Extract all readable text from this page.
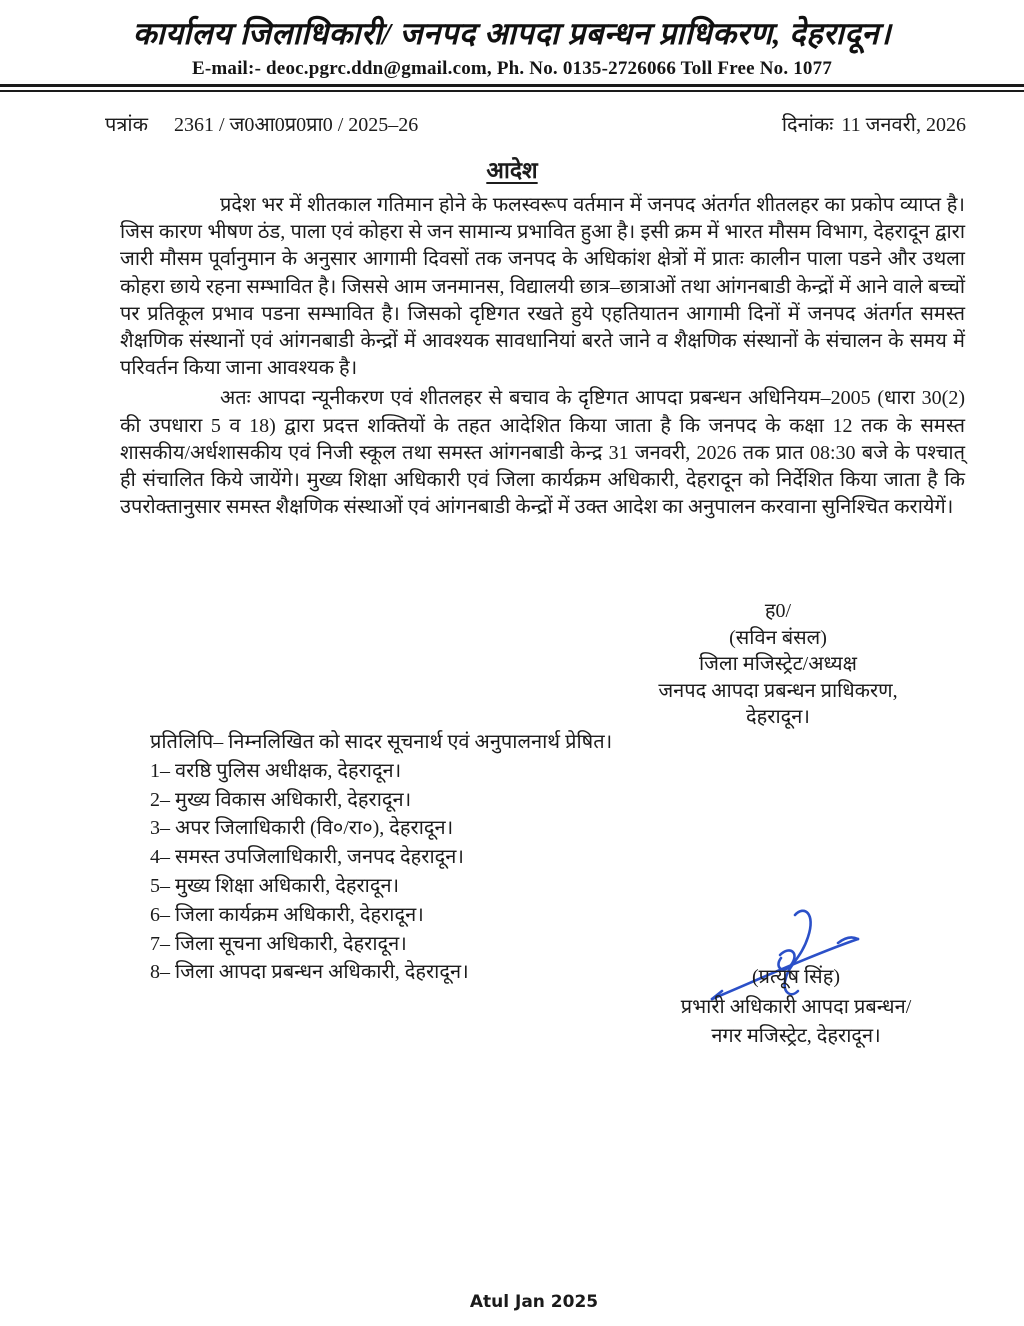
कार्यालय जिलाधिकारी/ जनपद आपदा प्रबन्धन प्राधिकरण, देहरादून।
E-mail:- deoc.pgrc.ddn@gmail.com, Ph. No. 0135-2726066 Toll Free No. 1077
पत्रांक 2361 / ज0आ0प्र0प्रा0 / 2025–26	दिनांकः 11 जनवरी, 2026
आदेश

प्रदेश भर में शीतकाल गतिमान होने के फलस्वरूप वर्तमान में जनपद अंतर्गत शीतलहर का प्रकोप व्याप्त है। जिस कारण भीषण ठंड, पाला एवं कोहरा से जन सामान्य प्रभावित हुआ है। इसी क्रम में भारत मौसम विभाग, देहरादून द्वारा जारी मौसम पूर्वानुमान के अनुसार आगामी दिवसों तक जनपद के अधिकांश क्षेत्रों में प्रातः कालीन पाला पडने और उथला कोहरा छाये रहना सम्भावित है। जिससे आम जनमानस, विद्यालयी छात्र–छात्राओं तथा आंगनबाडी केन्द्रों में आने वाले बच्चों पर प्रतिकूल प्रभाव पडना सम्भावित है। जिसको दृष्टिगत रखते हुये एहतियातन आगामी दिनों में जनपद अंतर्गत समस्त शैक्षणिक संस्थानों एवं आंगनबाडी केन्द्रों में आवश्यक सावधानियां बरते जाने व शैक्षणिक संस्थानों के संचालन के समय में परिवर्तन किया जाना आवश्यक है।

अतः आपदा न्यूनीकरण एवं शीतलहर से बचाव के दृष्टिगत आपदा प्रबन्धन अधिनियम–2005 (धारा 30(2) की उपधारा 5 व 18) द्वारा प्रदत्त शक्तियों के तहत आदेशित किया जाता है कि जनपद के कक्षा 12 तक के समस्त शासकीय/अर्धशासकीय एवं निजी स्कूल तथा समस्त आंगनबाडी केन्द्र 31 जनवरी, 2026 तक प्रात 08:30 बजे के पश्चात् ही संचालित किये जायेंगे। मुख्य शिक्षा अधिकारी एवं जिला कार्यक्रम अधिकारी, देहरादून को निर्देशित किया जाता है कि उपरोक्तानुसार समस्त शैक्षणिक संस्थाओं एवं आंगनबाडी केन्द्रों में उक्त आदेश का अनुपालन करवाना सुनिश्चित करायेगें।

ह0/
(सविन बंसल)
जिला मजिस्ट्रेट/अध्यक्ष
जनपद आपदा प्रबन्धन प्राधिकरण,
देहरादून।
प्रतिलिपि– निम्नलिखित को सादर सूचनार्थ एवं अनुपालनार्थ प्रेषित।
1– वरष्ठि पुलिस अधीक्षक, देहरादून।
2– मुख्य विकास अधिकारी, देहरादून।
3– अपर जिलाधिकारी (वि०/रा०), देहरादून।
4– समस्त उपजिलाधिकारी, जनपद देहरादून।
5– मुख्य शिक्षा अधिकारी, देहरादून।
6– जिला कार्यक्रम अधिकारी, देहरादून।
7– जिला सूचना अधिकारी, देहरादून।
8– जिला आपदा प्रबन्धन अधिकारी, देहरादून।	(प्रत्यूष सिंह)
प्रभारी अधिकारी आपदा प्रबन्धन/
नगर मजिस्ट्रेट, देहरादून।
Atul Jan 2025
